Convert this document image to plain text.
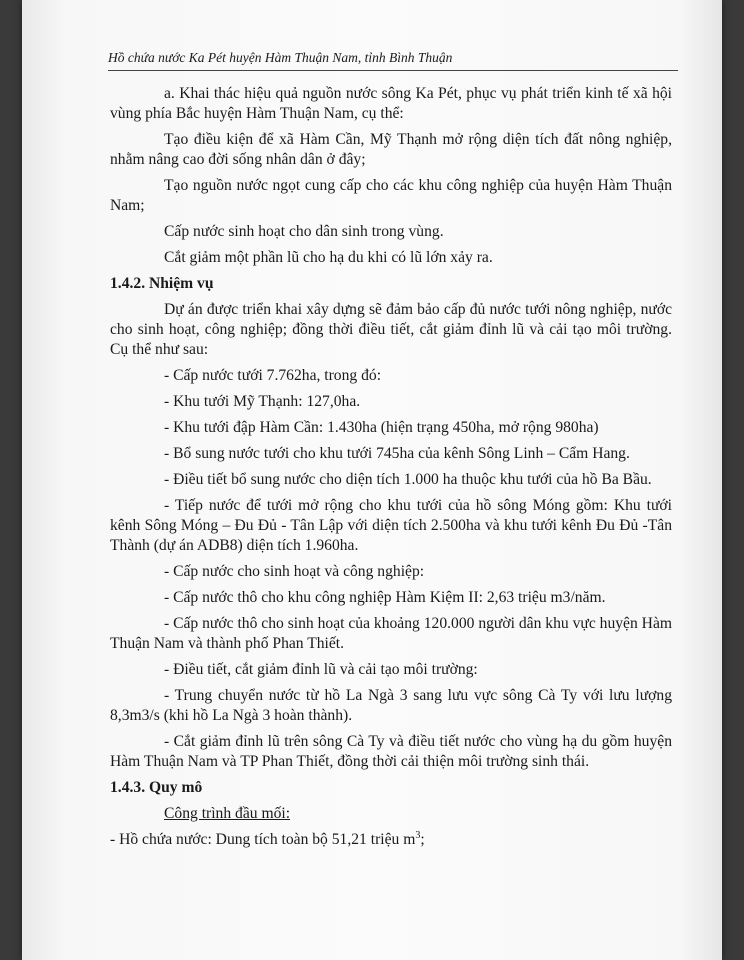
Hồ chứa nước Ka Pét huyện Hàm Thuận Nam, tỉnh Bình Thuận

a. Khai thác hiệu quả nguồn nước sông Ka Pét, phục vụ phát triển kinh tế xã hội vùng phía Bắc huyện Hàm Thuận Nam, cụ thể:

Tạo điều kiện để xã Hàm Cần, Mỹ Thạnh mở rộng diện tích đất nông nghiệp, nhằm nâng cao đời sống nhân dân ở đây;

Tạo nguồn nước ngọt cung cấp cho các khu công nghiệp của huyện Hàm Thuận Nam;

Cấp nước sinh hoạt cho dân sinh trong vùng.

Cắt giảm một phần lũ cho hạ du khi có lũ lớn xảy ra.

1.4.2. Nhiệm vụ

Dự án được triển khai xây dựng sẽ đảm bảo cấp đủ nước tưới nông nghiệp, nước cho sinh hoạt, công nghiệp; đồng thời điều tiết, cắt giảm đỉnh lũ và cải tạo môi trường. Cụ thể như sau:

- Cấp nước tưới 7.762ha, trong đó:

- Khu tưới Mỹ Thạnh: 127,0ha.

- Khu tưới đập Hàm Cần: 1.430ha (hiện trạng 450ha, mở rộng 980ha)

- Bổ sung nước tưới cho khu tưới 745ha của kênh Sông Linh – Cẩm Hang.

- Điều tiết bổ sung nước cho diện tích 1.000 ha thuộc khu tưới của hồ Ba Bầu.

- Tiếp nước để tưới mở rộng cho khu tưới của hồ sông Móng gồm: Khu tưới kênh Sông Móng – Đu Đủ - Tân Lập với diện tích 2.500ha và khu tưới kênh Đu Đủ -Tân Thành (dự án ADB8) diện tích 1.960ha.

- Cấp nước cho sinh hoạt và công nghiệp:

- Cấp nước thô cho khu công nghiệp Hàm Kiệm II: 2,63 triệu m3/năm.

- Cấp nước thô cho sinh hoạt của khoảng 120.000 người dân khu vực huyện Hàm Thuận Nam và thành phố Phan Thiết.

- Điều tiết, cắt giảm đỉnh lũ và cải tạo môi trường:

- Trung chuyển nước từ hồ La Ngà 3 sang lưu vực sông Cà Ty với lưu lượng 8,3m3/s (khi hồ La Ngà 3 hoàn thành).

- Cắt giảm đỉnh lũ trên sông Cà Ty và điều tiết nước cho vùng hạ du gồm huyện Hàm Thuận Nam và TP Phan Thiết, đồng thời cải thiện môi trường sinh thái.

1.4.3. Quy mô

Công trình đầu mối:

- Hồ chứa nước: Dung tích toàn bộ 51,21 triệu $m^3$;
